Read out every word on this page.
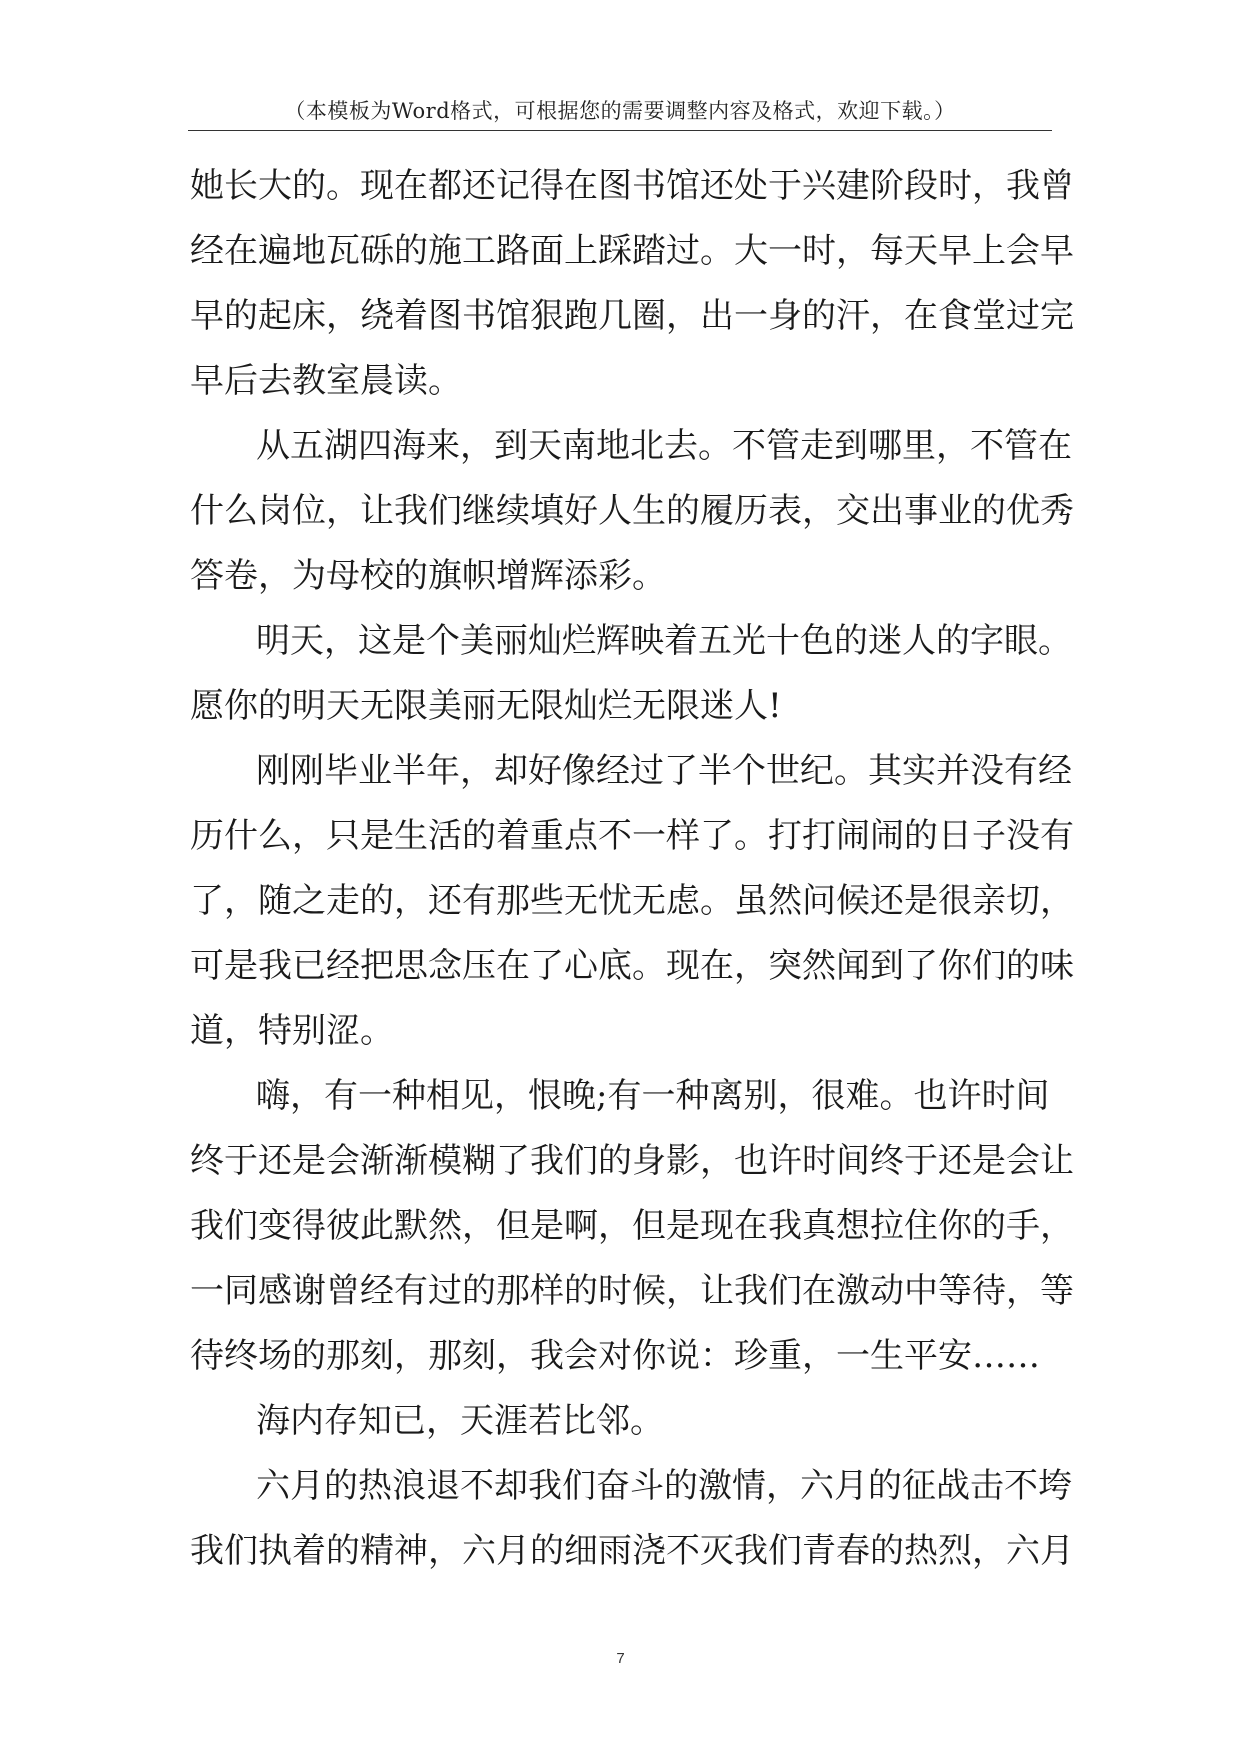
（本模板为Word格式，可根据您的需要调整内容及格式，欢迎下载。）
她长大的。现在都还记得在图书馆还处于兴建阶段时，我曾
经在遍地瓦砾的施工路面上踩踏过。大一时，每天早上会早
早的起床，绕着图书馆狠跑几圈，出一身的汗，在食堂过完
早后去教室晨读。
从五湖四海来，到天南地北去。不管走到哪里，不管在
什么岗位，让我们继续填好人生的履历表，交出事业的优秀
答卷，为母校的旗帜增辉添彩。
明天，这是个美丽灿烂辉映着五光十色的迷人的字眼。
愿你的明天无限美丽无限灿烂无限迷人!
刚刚毕业半年，却好像经过了半个世纪。其实并没有经
历什么，只是生活的着重点不一样了。打打闹闹的日子没有
了，随之走的，还有那些无忧无虑。虽然问候还是很亲切，
可是我已经把思念压在了心底。现在，突然闻到了你们的味
道，特别涩。
嗨，有一种相见，恨晚;有一种离别，很难。也许时间
终于还是会渐渐模糊了我们的身影，也许时间终于还是会让
我们变得彼此默然，但是啊，但是现在我真想拉住你的手，
一同感谢曾经有过的那样的时候，让我们在激动中等待，等
待终场的那刻，那刻，我会对你说：珍重，一生平安……
海内存知已，天涯若比邻。
六月的热浪退不却我们奋斗的激情，六月的征战击不垮
我们执着的精神，六月的细雨浇不灭我们青春的热烈，六月
7
